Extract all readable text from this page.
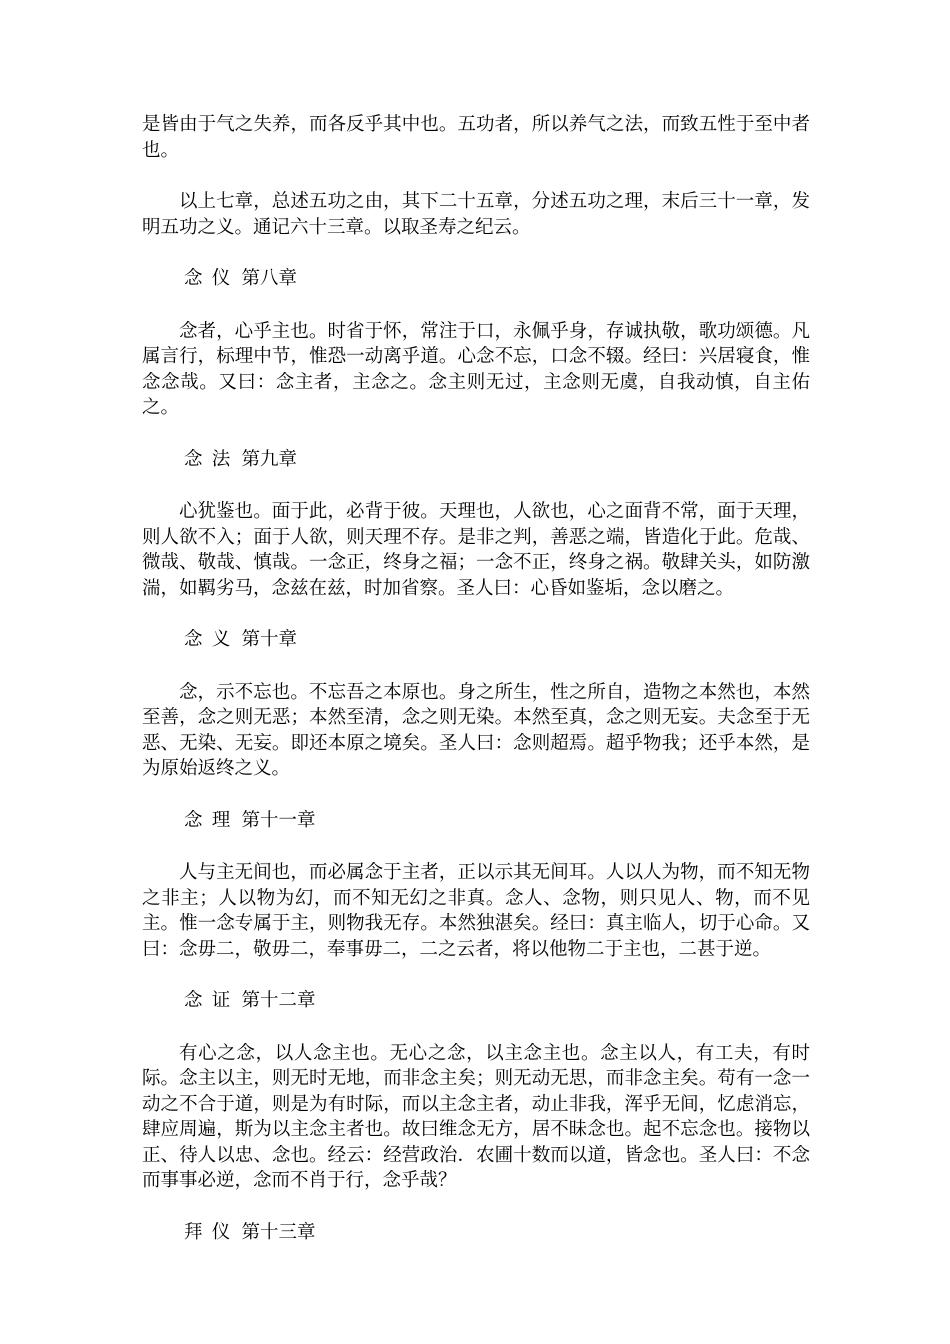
是皆由于气之失养，而各反乎其中也。五功者，所以养气之法，而致五性于至中者也。

以上七章，总述五功之由，其下二十五章，分述五功之理，末后三十一章，发明五功之义。通记六十三章。以取圣寿之纪云。

念仪 第八章

念者，心乎主也。时省于怀，常注于口，永佩乎身，存诚执敬，歌功颂德。凡属言行，标理中节，惟恐一动离乎道。心念不忘，口念不辍。经曰：兴居寝食，惟念念哉。又曰：念主者，主念之。念主则无过，主念则无虞，自我动慎，自主佑之。

念法 第九章

心犹鉴也。面于此，必背于彼。天理也，人欲也，心之面背不常，面于天理，则人欲不入；面于人欲，则天理不存。是非之判，善恶之端，皆造化于此。危哉、微哉、敬哉、慎哉。一念正，终身之福；一念不正，终身之祸。敬肆关头，如防激湍，如羁劣马，念兹在兹，时加省察。圣人曰：心昏如鉴垢，念以磨之。

念义 第十章

念，示不忘也。不忘吾之本原也。身之所生，性之所自，造物之本然也，本然至善，念之则无恶；本然至清，念之则无染。本然至真，念之则无妄。夫念至于无恶、无染、无妄。即还本原之境矣。圣人曰：念则超焉。超乎物我；还乎本然，是为原始返终之义。

念理 第十一章

人与主无间也，而必属念于主者，正以示其无间耳。人以人为物，而不知无物之非主；人以物为幻，而不知无幻之非真。念人、念物，则只见人、物，而不见主。惟一念专属于主，则物我无存。本然独湛矣。经曰：真主临人，切于心命。又曰：念毋二，敬毋二，奉事毋二，二之云者，将以他物二于主也，二甚于逆。

念证 第十二章

有心之念，以人念主也。无心之念，以主念主也。念主以人，有工夫，有时际。念主以主，则无时无地，而非念主矣；则无动无思，而非念主矣。苟有一念一动之不合于道，则是为有时际，而以主念主者，动止非我，浑乎无间，忆虑消忘，肆应周遍，斯为以主念主者也。故曰维念无方，居不昧念也。起不忘念也。接物以正、待人以忠、念也。经云：经营政治．农圃十数而以道，皆念也。圣人曰：不念而事事必逆，念而不肖于行，念乎哉？

拜仪 第十三章
